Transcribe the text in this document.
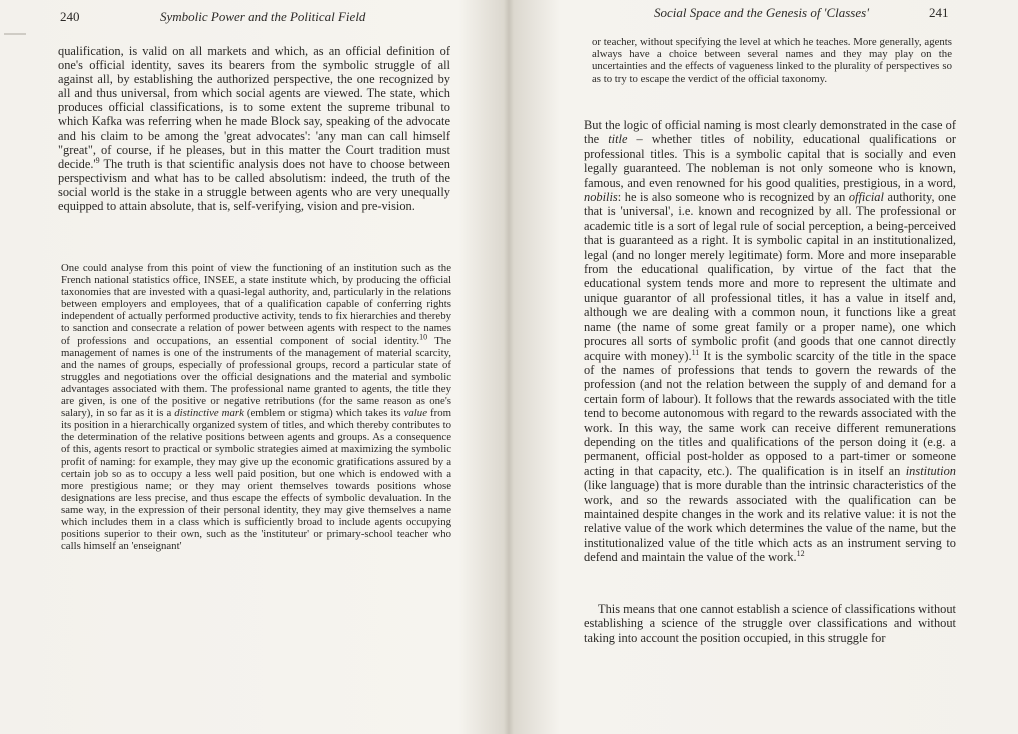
240	Symbolic Power and the Political Field

qualification, is valid on all markets and which, as an official definition of one's official identity, saves its bearers from the symbolic struggle of all against all, by establishing the authorized perspective, the one recognized by all and thus universal, from which social agents are viewed. The state, which produces official classifications, is to some extent the supreme tribunal to which Kafka was referring when he made Block say, speaking of the advocate and his claim to be among the 'great advocates': 'any man can call himself "great", of course, if he pleases, but in this matter the Court tradition must $decide.'^9$ The truth is that scientific analysis does not have to choose between perspectivism and what has to be called absolutism: indeed, the truth of the social world is the stake in a struggle between agents who are very unequally equipped to attain absolute, that is, self-verifying, vision and pre-vision.

One could analyse from this point of view the functioning of an institution such as the French national statistics office, INSEE, a state institute which, by producing the official taxonomies that are invested with a quasi-legal authority, and, particularly in the relations between employers and employees, that of a qualification capable of conferring rights independent of actually performed productive activity, tends to fix hierarchies and thereby to sanction and consecrate a relation of power between agents with respect to the names of professions and occupations, an essential component of social identity.$^{10}$ The management of names is one of the instruments of the management of material scarcity, and the names of groups, especially of professional groups, record a particular state of struggles and negotiations over the official designations and the material and symbolic advantages associated with them. The professional name granted to agents, the title they are given, is one of the positive or negative retributions (for the same reason as one's salary), in so far as it is a distinctive mark (emblem or stigma) which takes its value from its position in a hierarchically organized system of titles, and which thereby contributes to the determination of the relative positions between agents and groups. As a consequence of this, agents resort to practical or symbolic strategies aimed at maximizing the symbolic profit of naming: for example, they may give up the economic gratifications assured by a certain job so as to occupy a less well paid position, but one which is endowed with a more prestigious name; or they may orient themselves towards positions whose designations are less precise, and thus escape the effects of symbolic devaluation. In the same way, in the expression of their personal identity, they may give themselves a name which includes them in a class which is sufficiently broad to include agents occupying positions superior to their own, such as the 'instituteur' or primary-school teacher who calls himself an 'enseignant'

Social Space and the Genesis of 'Classes'	241

or teacher, without specifying the level at which he teaches. More generally, agents always have a choice between several names and they may play on the uncertainties and the effects of vagueness linked to the plurality of perspectives so as to try to escape the verdict of the official taxonomy.

But the logic of official naming is most clearly demonstrated in the case of the title – whether titles of nobility, educational qualifications or professional titles. This is a symbolic capital that is socially and even legally guaranteed. The nobleman is not only someone who is known, famous, and even renowned for his good qualities, prestigious, in a word, nobilis: he is also someone who is recognized by an official authority, one that is 'universal', i.e. known and recognized by all. The professional or academic title is a sort of legal rule of social perception, a being-perceived that is guaranteed as a right. It is symbolic capital in an institutionalized, legal (and no longer merely legitimate) form. More and more inseparable from the educational qualification, by virtue of the fact that the educational system tends more and more to represent the ultimate and unique guarantor of all professional titles, it has a value in itself and, although we are dealing with a common noun, it functions like a great name (the name of some great family or a proper name), one which procures all sorts of symbolic profit (and goods that one cannot directly acquire with money).$^{11}$ It is the symbolic scarcity of the title in the space of the names of professions that tends to govern the rewards of the profession (and not the relation between the supply of and demand for a certain form of labour). It follows that the rewards associated with the title tend to become autonomous with regard to the rewards associated with the work. In this way, the same work can receive different remunerations depending on the titles and qualifications of the person doing it (e.g. a permanent, official post-holder as opposed to a part-timer or someone acting in that capacity, etc.). The qualification is in itself an institution (like language) that is more durable than the intrinsic characteristics of the work, and so the rewards associated with the qualification can be maintained despite changes in the work and its relative value: it is not the relative value of the work which determines the value of the name, but the institutionalized value of the title which acts as an instrument serving to defend and maintain the value of the work.$^{12}$

This means that one cannot establish a science of classifications without establishing a science of the struggle over classifications and without taking into account the position occupied, in this struggle for
